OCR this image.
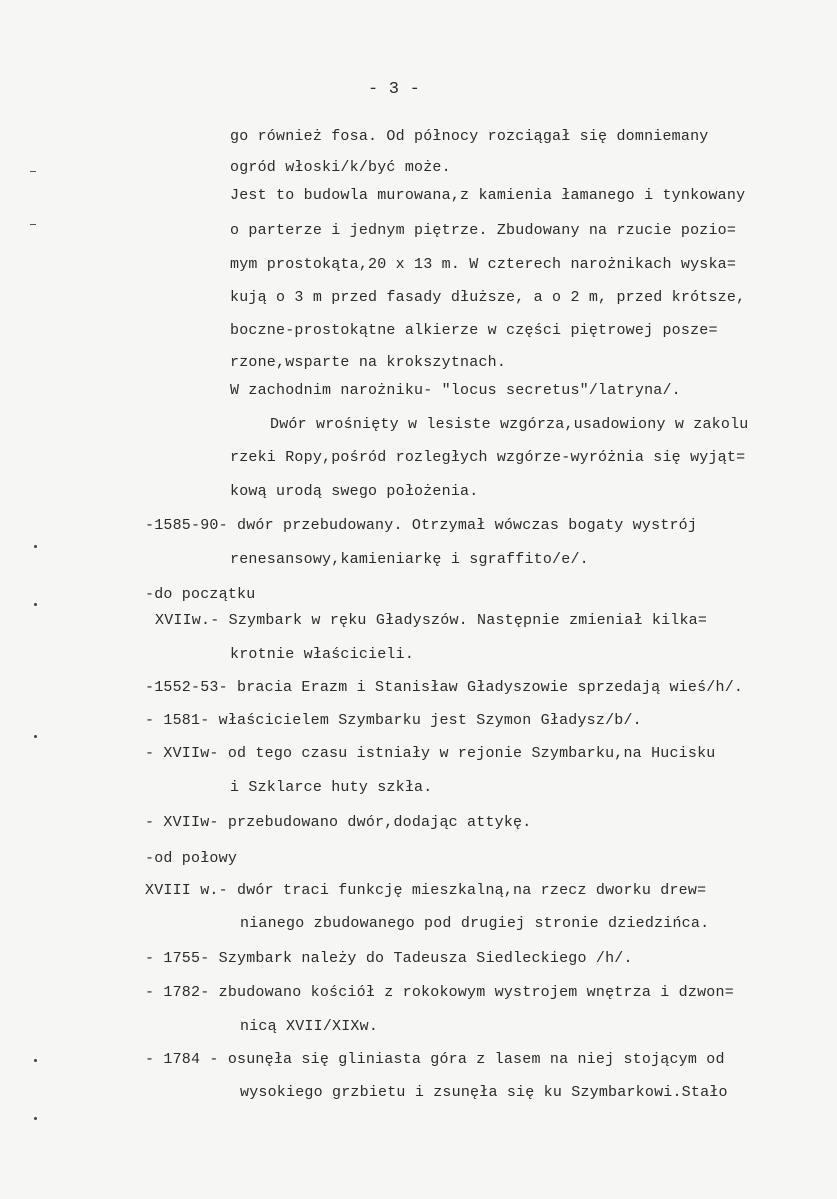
- 3 -
go również fosa. Od północy rozciągał się domniemany
ogród włoski/k/być może.
Jest to budowla murowana,z kamienia łamanego i tynkowany
o parterze i jednym piętrze. Zbudowany na rzucie pozio=
mym prostokąta,20 x 13 m. W czterech narożnikach wyska=
kują o 3 m przed fasady dłuższe, a o 2 m, przed krótsze,
boczne-prostokątne alkierze w części piętrowej posze=
rzone,wsparte na krokszytnach.
W zachodnim narożniku- "locus secretus"/latryna/.
Dwór wrośnięty w lesiste wzgórza,usadowiony w zakolu
rzeki Ropy,pośród rozległych wzgórze-wyróżnia się wyjąt=
kową urodą swego położenia.
-1585-90- dwór przebudowany. Otrzymał wówczas bogaty wystrój
renesansowy,kamieniarkę i sgraffito/e/.
-do początku
XVIIw.- Szymbark w ręku Gładyszów. Następnie zmieniał kilka=
krotnie właścicieli.
-1552-53- bracia Erazm i Stanisław Gładyszowie sprzedają wieś/h/.
- 1581- właścicielem Szymbarku jest Szymon Gładysz/b/.
- XVIIw- od tego czasu istniały w rejonie Szymbarku,na Hucisku
i Szklarce huty szkła.
- XVIIw- przebudowano dwór,dodając attykę.
-od połowy
XVIII w.- dwór traci funkcję mieszkalną,na rzecz dworku drew=
nianego zbudowanego pod drugiej stronie dziedzińca.
- 1755- Szymbark należy do Tadeusza Siedleckiego /h/.
- 1782- zbudowano kościół z rokokowym wystrojem wnętrza i dzwon=
nicą XVII/XIXw.
- 1784 - osunęła się gliniasta góra z lasem na niej stojącym od
wysokiego grzbietu i zsunęła się ku Szymbarkowi.Stało
